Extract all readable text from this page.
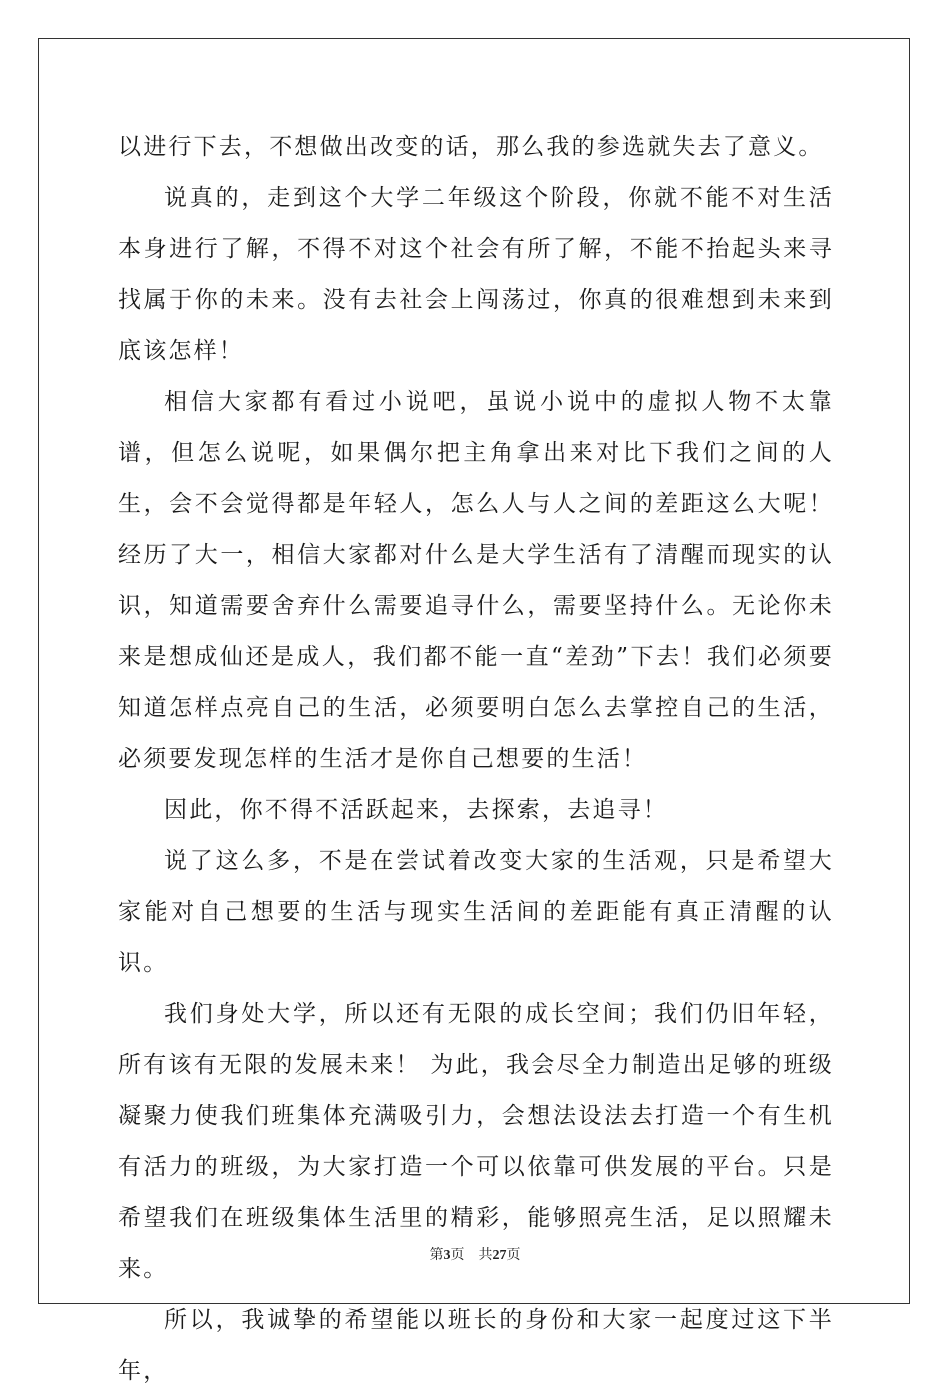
以进行下去，不想做出改变的话，那么我的参选就失去了意义。

说真的，走到这个大学二年级这个阶段，你就不能不对生活本身进行了解，不得不对这个社会有所了解，不能不抬起头来寻找属于你的未来。没有去社会上闯荡过，你真的很难想到未来到底该怎样！

相信大家都有看过小说吧，虽说小说中的虚拟人物不太靠谱，但怎么说呢，如果偶尔把主角拿出来对比下我们之间的人生，会不会觉得都是年轻人，怎么人与人之间的差距这么大呢！经历了大一，相信大家都对什么是大学生活有了清醒而现实的认识，知道需要舍弃什么需要追寻什么，需要坚持什么。无论你未来是想成仙还是成人，我们都不能一直“差劲”下去！我们必须要知道怎样点亮自己的生活，必须要明白怎么去掌控自己的生活，必须要发现怎样的生活才是你自己想要的生活！

因此，你不得不活跃起来，去探索，去追寻！

说了这么多，不是在尝试着改变大家的生活观，只是希望大家能对自己想要的生活与现实生活间的差距能有真正清醒的认识。

我们身处大学，所以还有无限的成长空间；我们仍旧年轻，所有该有无限的发展未来！ 为此，我会尽全力制造出足够的班级凝聚力使我们班集体充满吸引力，会想法设法去打造一个有生机有活力的班级，为大家打造一个可以依靠可供发展的平台。只是希望我们在班级集体生活里的精彩，能够照亮生活，足以照耀未来。

所以，我诚挚的希望能以班长的身份和大家一起度过这下半年，

第3页 共27页
